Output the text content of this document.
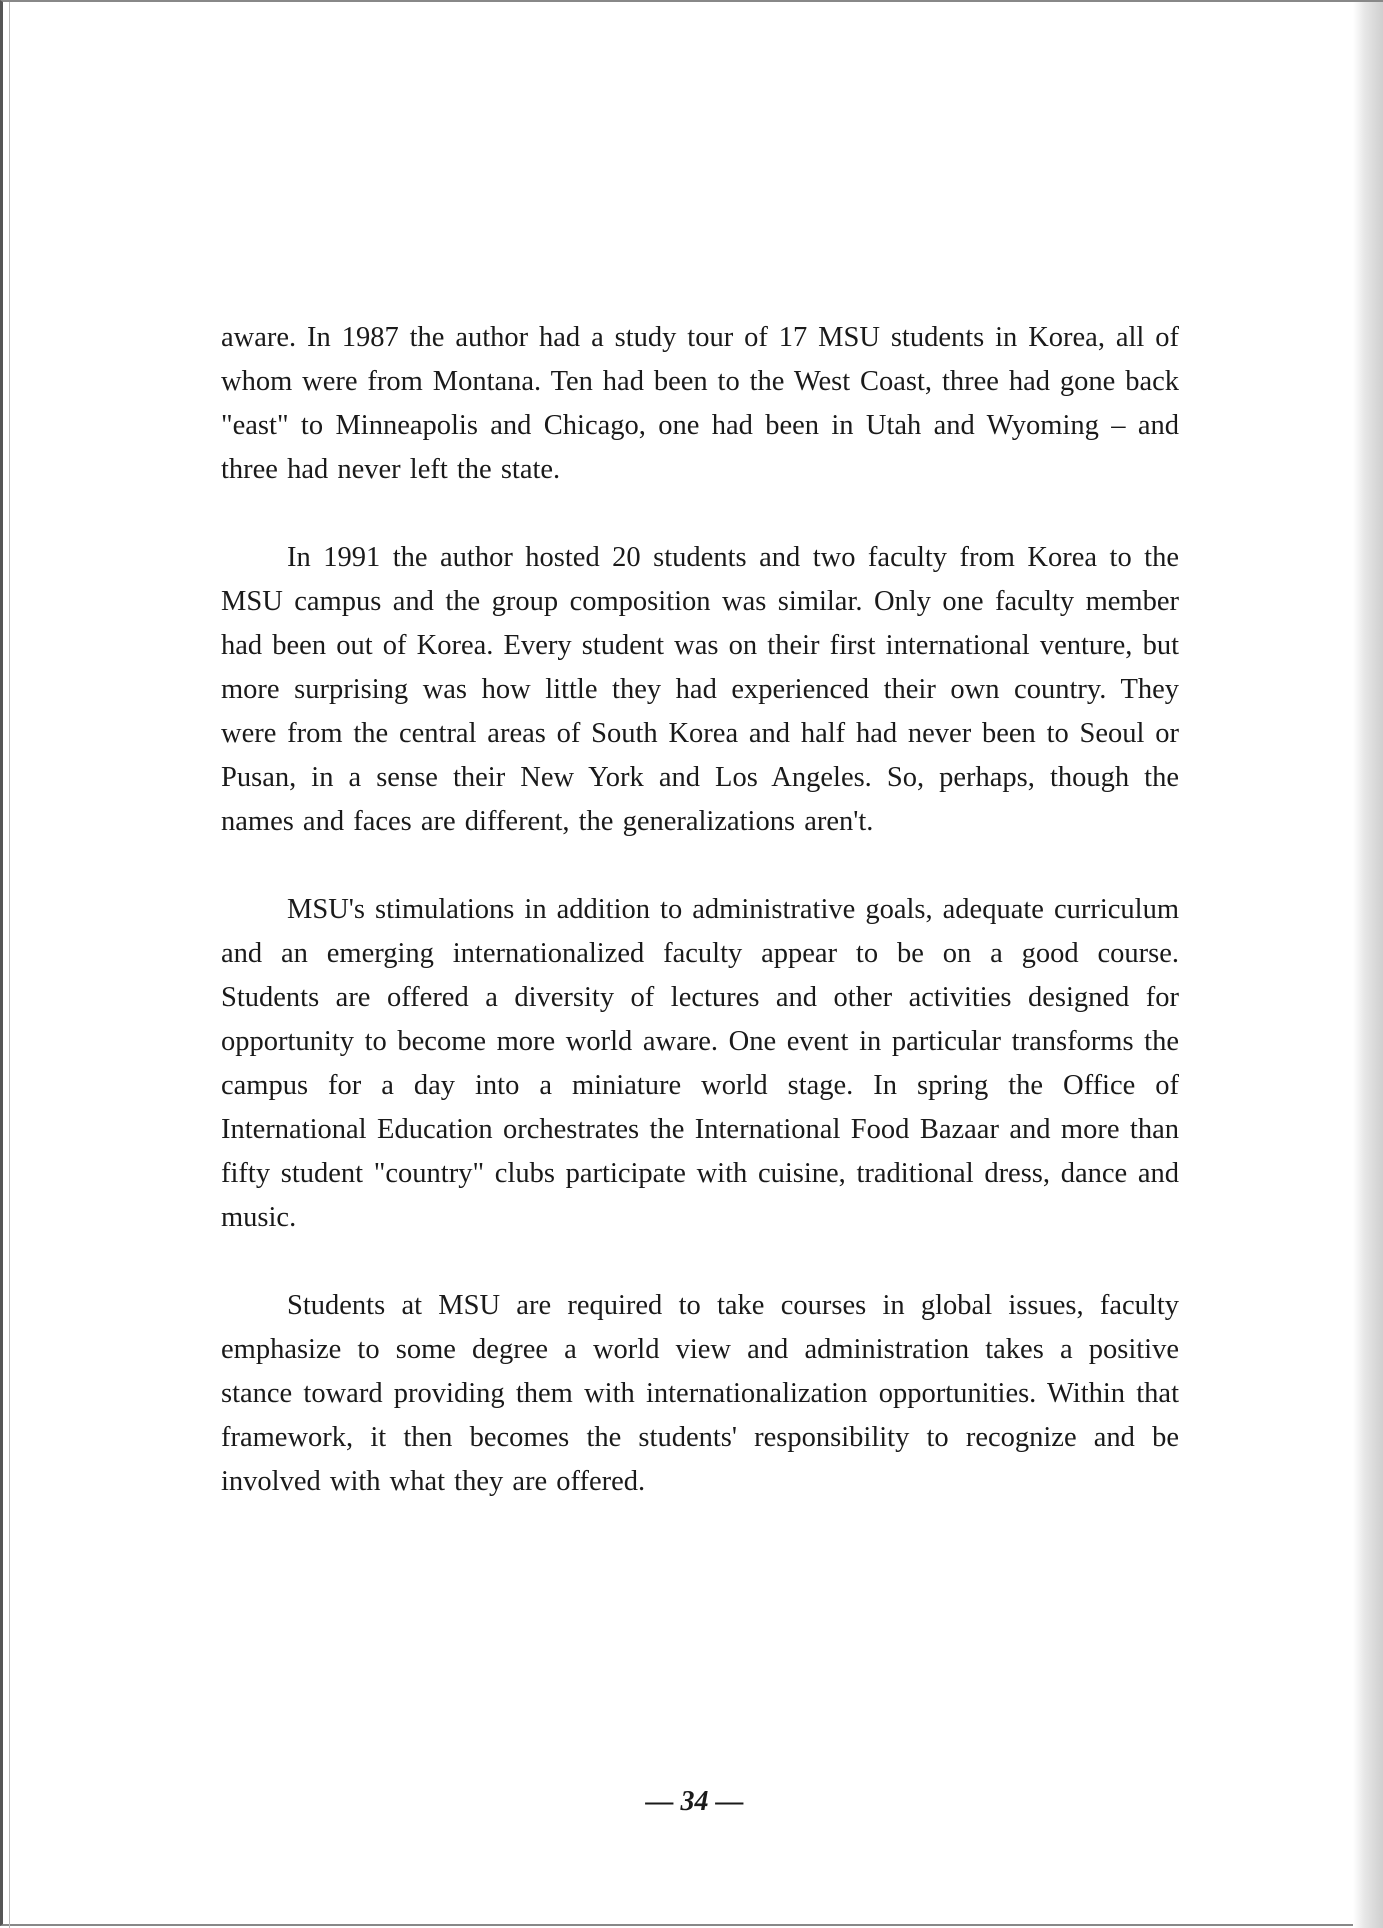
aware. In 1987 the author had a study tour of 17 MSU students in Korea, all of whom were from Montana. Ten had been to the West Coast, three had gone back "east" to Minneapolis and Chicago, one had been in Utah and Wyoming – and three had never left the state.

In 1991 the author hosted 20 students and two faculty from Korea to the MSU campus and the group composition was similar. Only one faculty member had been out of Korea. Every student was on their first international venture, but more surprising was how little they had experienced their own country. They were from the central areas of South Korea and half had never been to Seoul or Pusan, in a sense their New York and Los Angeles. So, perhaps, though the names and faces are different, the generalizations aren't.

MSU's stimulations in addition to administrative goals, adequate curriculum and an emerging internationalized faculty appear to be on a good course. Students are offered a diversity of lectures and other activities designed for opportunity to become more world aware. One event in particular transforms the campus for a day into a miniature world stage. In spring the Office of International Education orchestrates the International Food Bazaar and more than fifty student "country" clubs participate with cuisine, traditional dress, dance and music.

Students at MSU are required to take courses in global issues, faculty emphasize to some degree a world view and administration takes a positive stance toward providing them with internationalization opportunities. Within that framework, it then becomes the students' responsibility to recognize and be involved with what they are offered.

— 34 —
